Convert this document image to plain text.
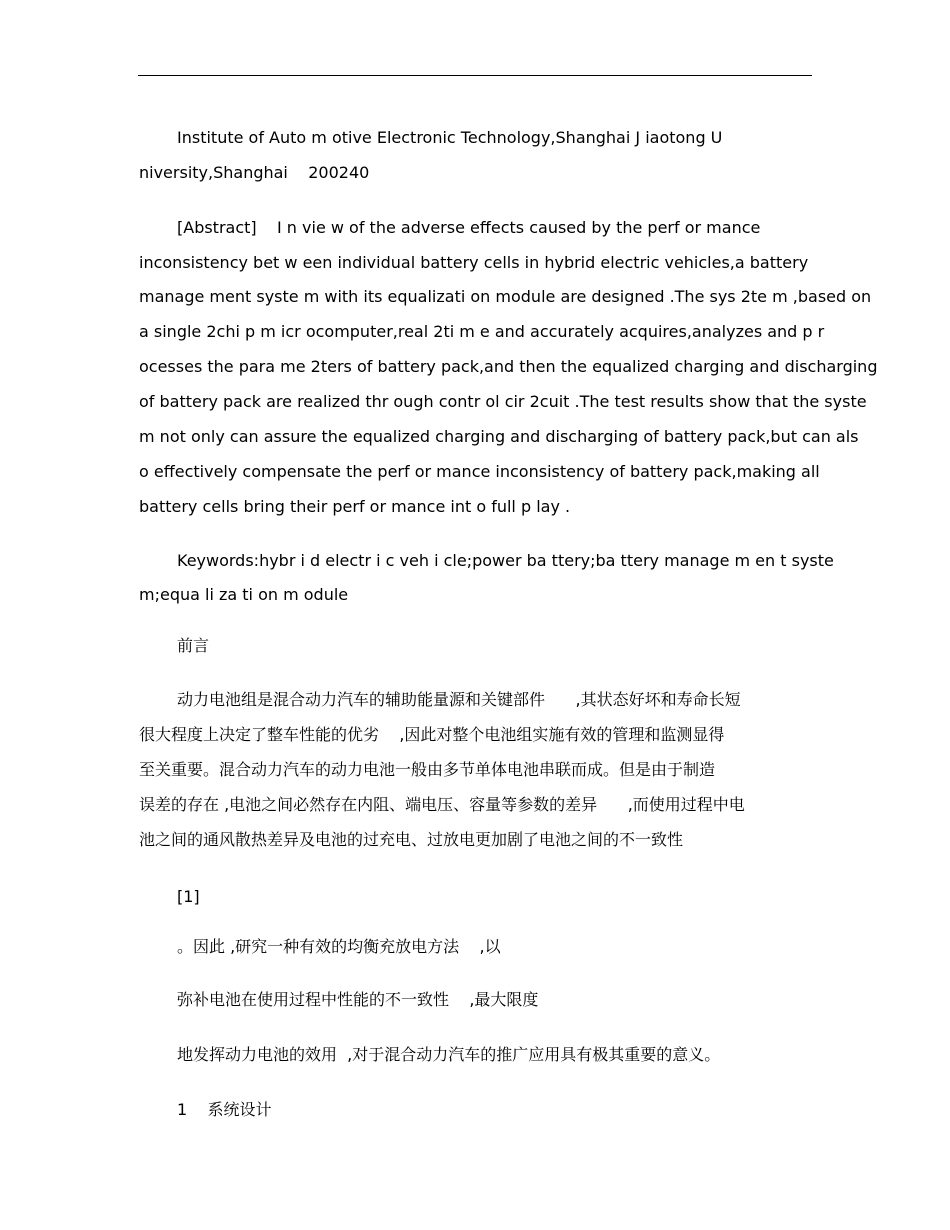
Institute of Auto m otive Electronic Technology,Shanghai J iaotong U
niversity,Shanghai    200240
[Abstract]    I n vie w of the adverse effects caused by the perf or mance
inconsistency bet w een individual battery cells in hybrid electric vehicles,a battery
manage ment syste m with its equalizati on module are designed .The sys 2te m ,based on
a single 2chi p m icr ocomputer,real 2ti m e and accurately acquires,analyzes and p r
ocesses the para me 2ters of battery pack,and then the equalized charging and discharging
of battery pack are realized thr ough contr ol cir 2cuit .The test results show that the syste
m not only can assure the equalized charging and discharging of battery pack,but can als
o effectively compensate the perf or mance inconsistency of battery pack,making all
battery cells bring their perf or mance int o full p lay .
Keywords:hybr i d electr i c veh i cle;power ba ttery;ba ttery manage m en t syste
m;equa li za ti on m odule
前言
动力电池组是混合动力汽车的辅助能量源和关键部件      ,其状态好坏和寿命长短
很大程度上决定了整车性能的优劣    ,因此对整个电池组实施有效的管理和监测显得
至关重要。混合动力汽车的动力电池一般由多节单体电池串联而成。但是由于制造
误差的存在 ,电池之间必然存在内阻、端电压、容量等参数的差异      ,而使用过程中电
池之间的通风散热差异及电池的过充电、过放电更加剧了电池之间的不一致性
[1]
。因此 ,研究一种有效的均衡充放电方法    ,以
弥补电池在使用过程中性能的不一致性    ,最大限度
地发挥动力电池的效用  ,对于混合动力汽车的推广应用具有极其重要的意义。
1    系统设计
